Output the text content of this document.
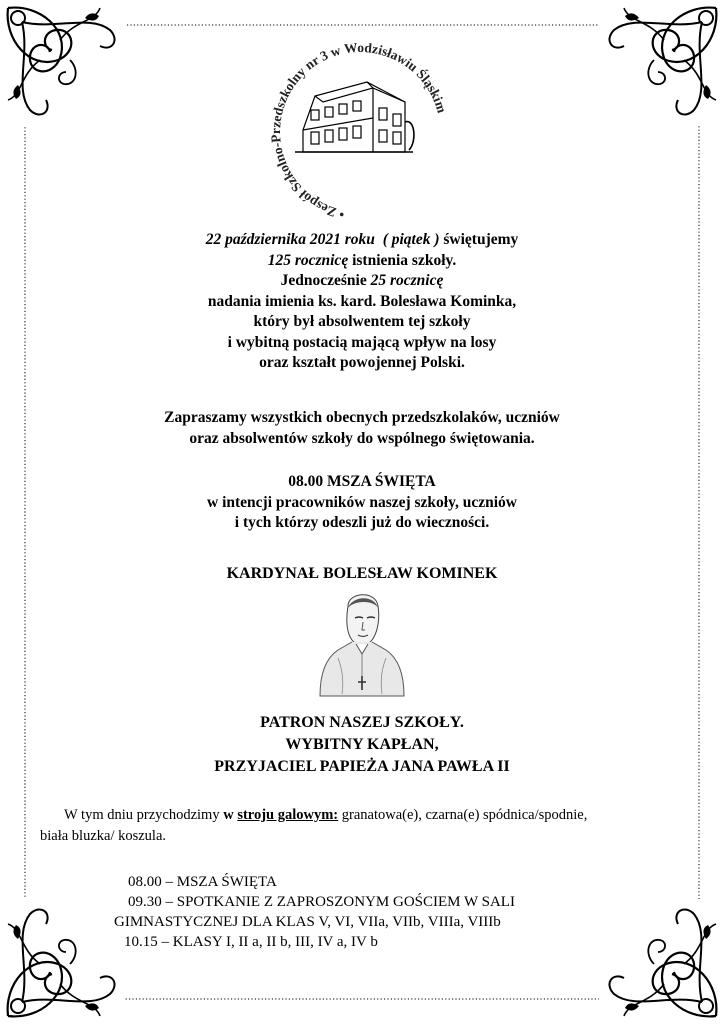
• Zespół Szkolno-Przedszkolny nr 3 w Wodzisławiu Śląskim
22 października 2021 roku ( piątek ) świętujemy
125 rocznicę istnienia szkoły.
Jednocześnie 25 rocznicę
nadania imienia ks. kard. Bolesława Kominka,
który był absolwentem tej szkoły
i wybitną postacią mającą wpływ na losy
oraz kształt powojennej Polski.
Zapraszamy wszystkich obecnych przedszkolaków, uczniów
oraz absolwentów szkoły do wspólnego świętowania.
08.00 MSZA ŚWIĘTA
w intencji pracowników naszej szkoły, uczniów
i tych którzy odeszli już do wieczności.
KARDYNAŁ BOLESŁAW KOMINEK
PATRON NASZEJ SZKOŁY.
WYBITNY KAPŁAN,
PRZYJACIEL PAPIEŻA JANA PAWŁA II

W tym dniu przychodzimy w stroju galowym: granatowa(e), czarna(e) spódnica/spodnie,

biała bluzka/ koszula.

08.00 – MSZA ŚWIĘTA
09.30 – SPOTKANIE Z ZAPROSZONYM GOŚCIEM W SALI
GIMNASTYCZNEJ DLA KLAS V, VI, VIIa, VIIb, VIIIa, VIIIb
10.15 – KLASY I, II a, II b, III, IV a, IV b
